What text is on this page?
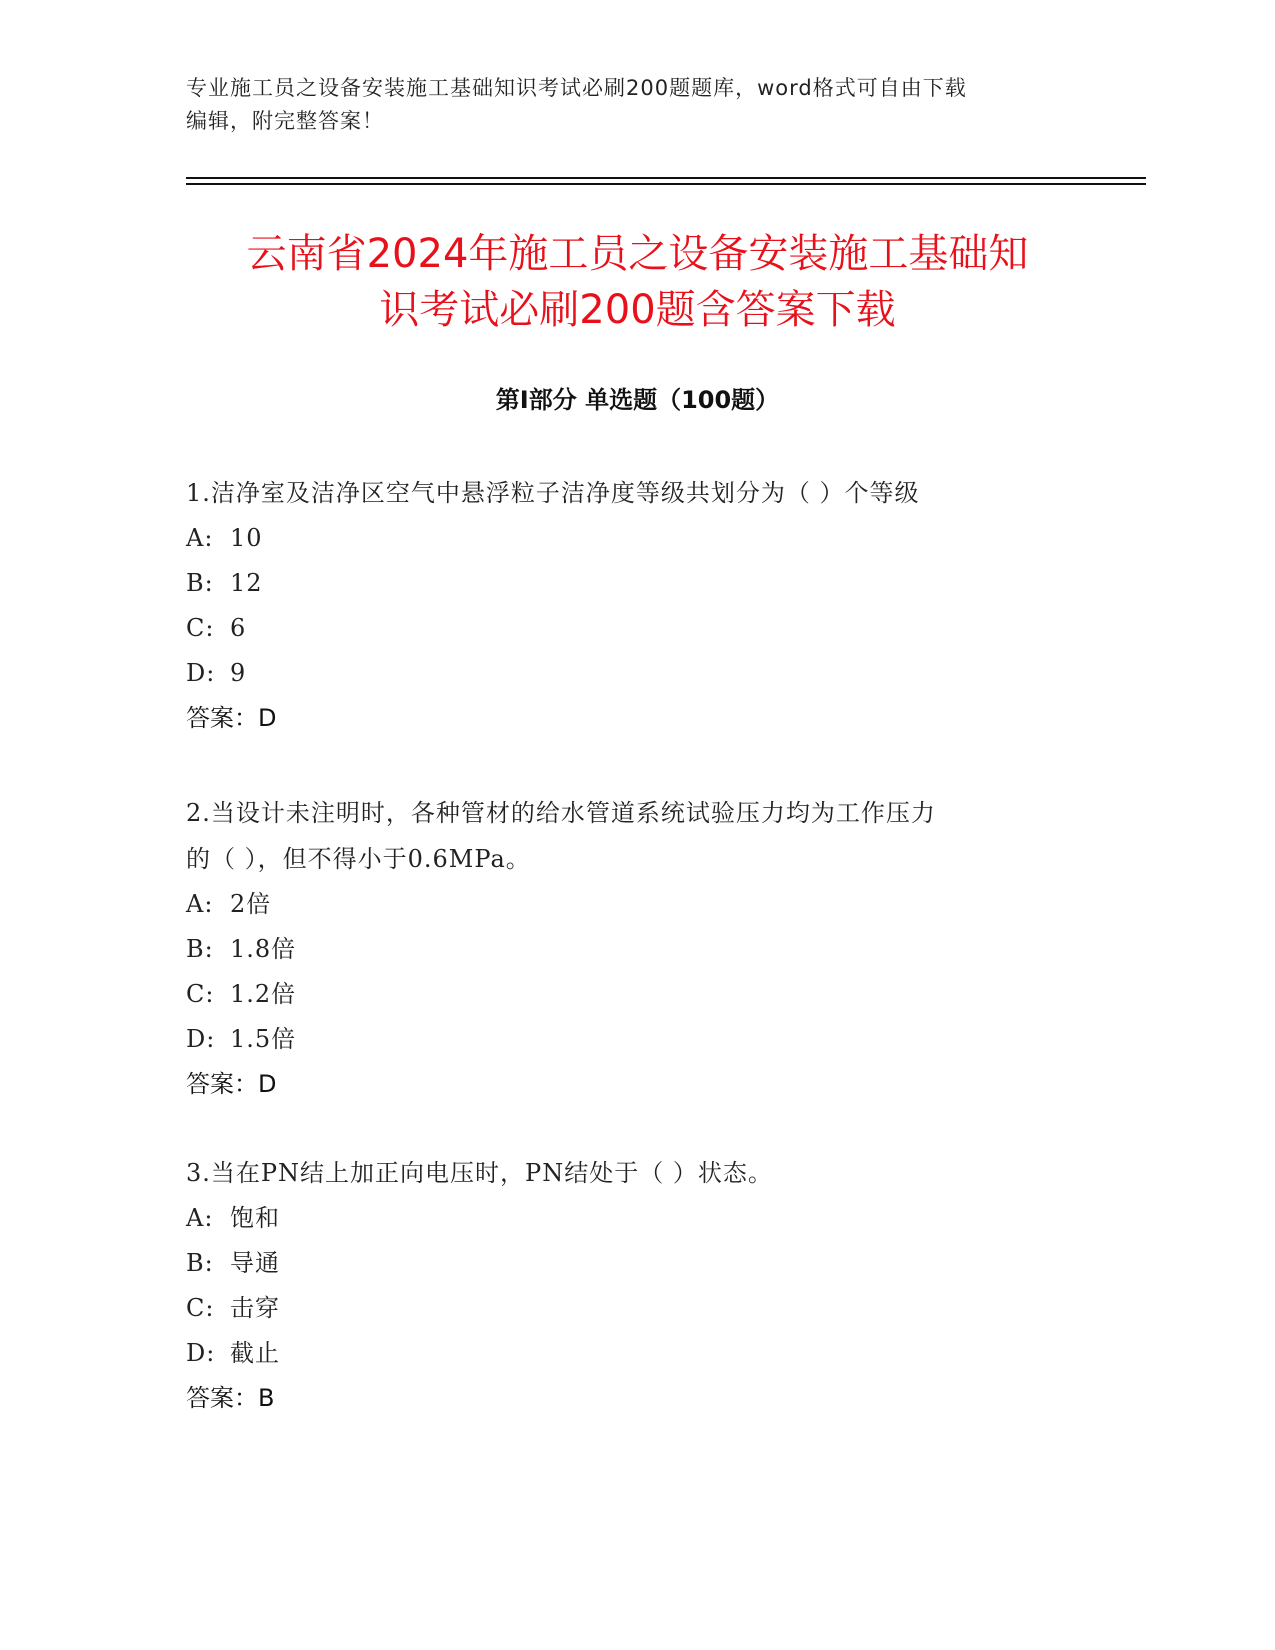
专业施工员之设备安装施工基础知识考试必刷200题题库，word格式可自由下载

编辑，附完整答案！

云南省2024年施工员之设备安装施工基础知

识考试必刷200题含答案下载

第Ⅰ部分 单选题（100题）

1.洁净室及洁净区空气中悬浮粒子洁净度等级共划分为（ ）个等级

A: 10

B: 12

C: 6

D: 9

答案：D

2.当设计未注明时，各种管材的给水管道系统试验压力均为工作压力

的（ ），但不得小于0.6MPa。

A: 2倍

B: 1.8倍

C: 1.2倍

D: 1.5倍

答案：D

3.当在PN结上加正向电压时，PN结处于（ ）状态。

A: 饱和

B: 导通

C: 击穿

D: 截止

答案：B
